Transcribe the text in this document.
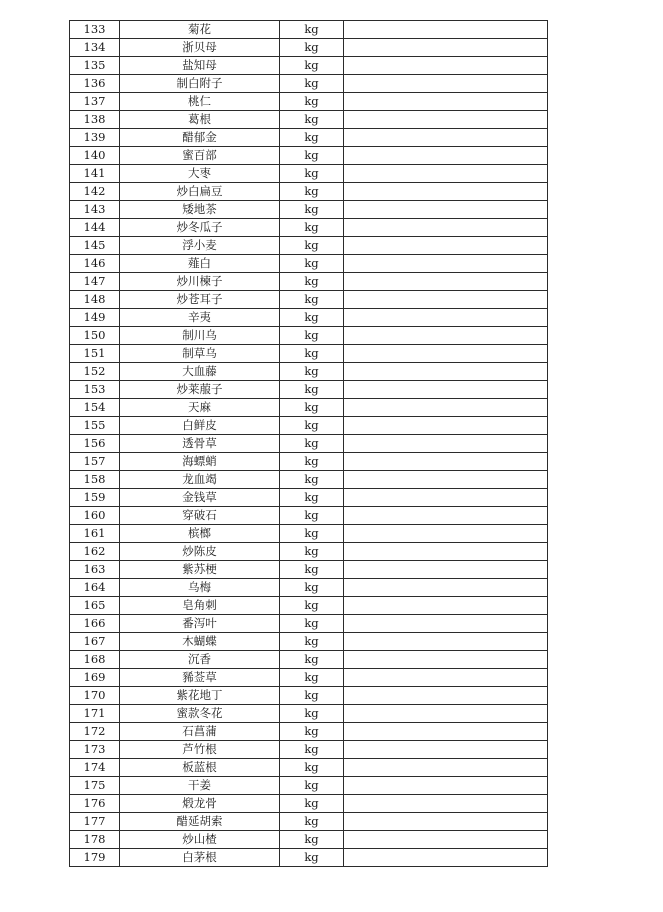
133	菊花	kg	
134	浙贝母	kg	
135	盐知母	kg	
136	制白附子	kg	
137	桃仁	kg	
138	葛根	kg	
139	醋郁金	kg	
140	蜜百部	kg	
141	大枣	kg	
142	炒白扁豆	kg	
143	矮地茶	kg	
144	炒冬瓜子	kg	
145	浮小麦	kg	
146	薤白	kg	
147	炒川楝子	kg	
148	炒苍耳子	kg	
149	辛夷	kg	
150	制川乌	kg	
151	制草乌	kg	
152	大血藤	kg	
153	炒莱菔子	kg	
154	天麻	kg	
155	白鲜皮	kg	
156	透骨草	kg	
157	海螵蛸	kg	
158	龙血竭	kg	
159	金钱草	kg	
160	穿破石	kg	
161	槟榔	kg	
162	炒陈皮	kg	
163	紫苏梗	kg	
164	乌梅	kg	
165	皂角刺	kg	
166	番泻叶	kg	
167	木蝴蝶	kg	
168	沉香	kg	
169	豨莶草	kg	
170	紫花地丁	kg	
171	蜜款冬花	kg	
172	石菖蒲	kg	
173	芦竹根	kg	
174	板蓝根	kg	
175	干姜	kg	
176	煅龙骨	kg	
177	醋延胡索	kg	
178	炒山楂	kg	
179	白茅根	kg	
